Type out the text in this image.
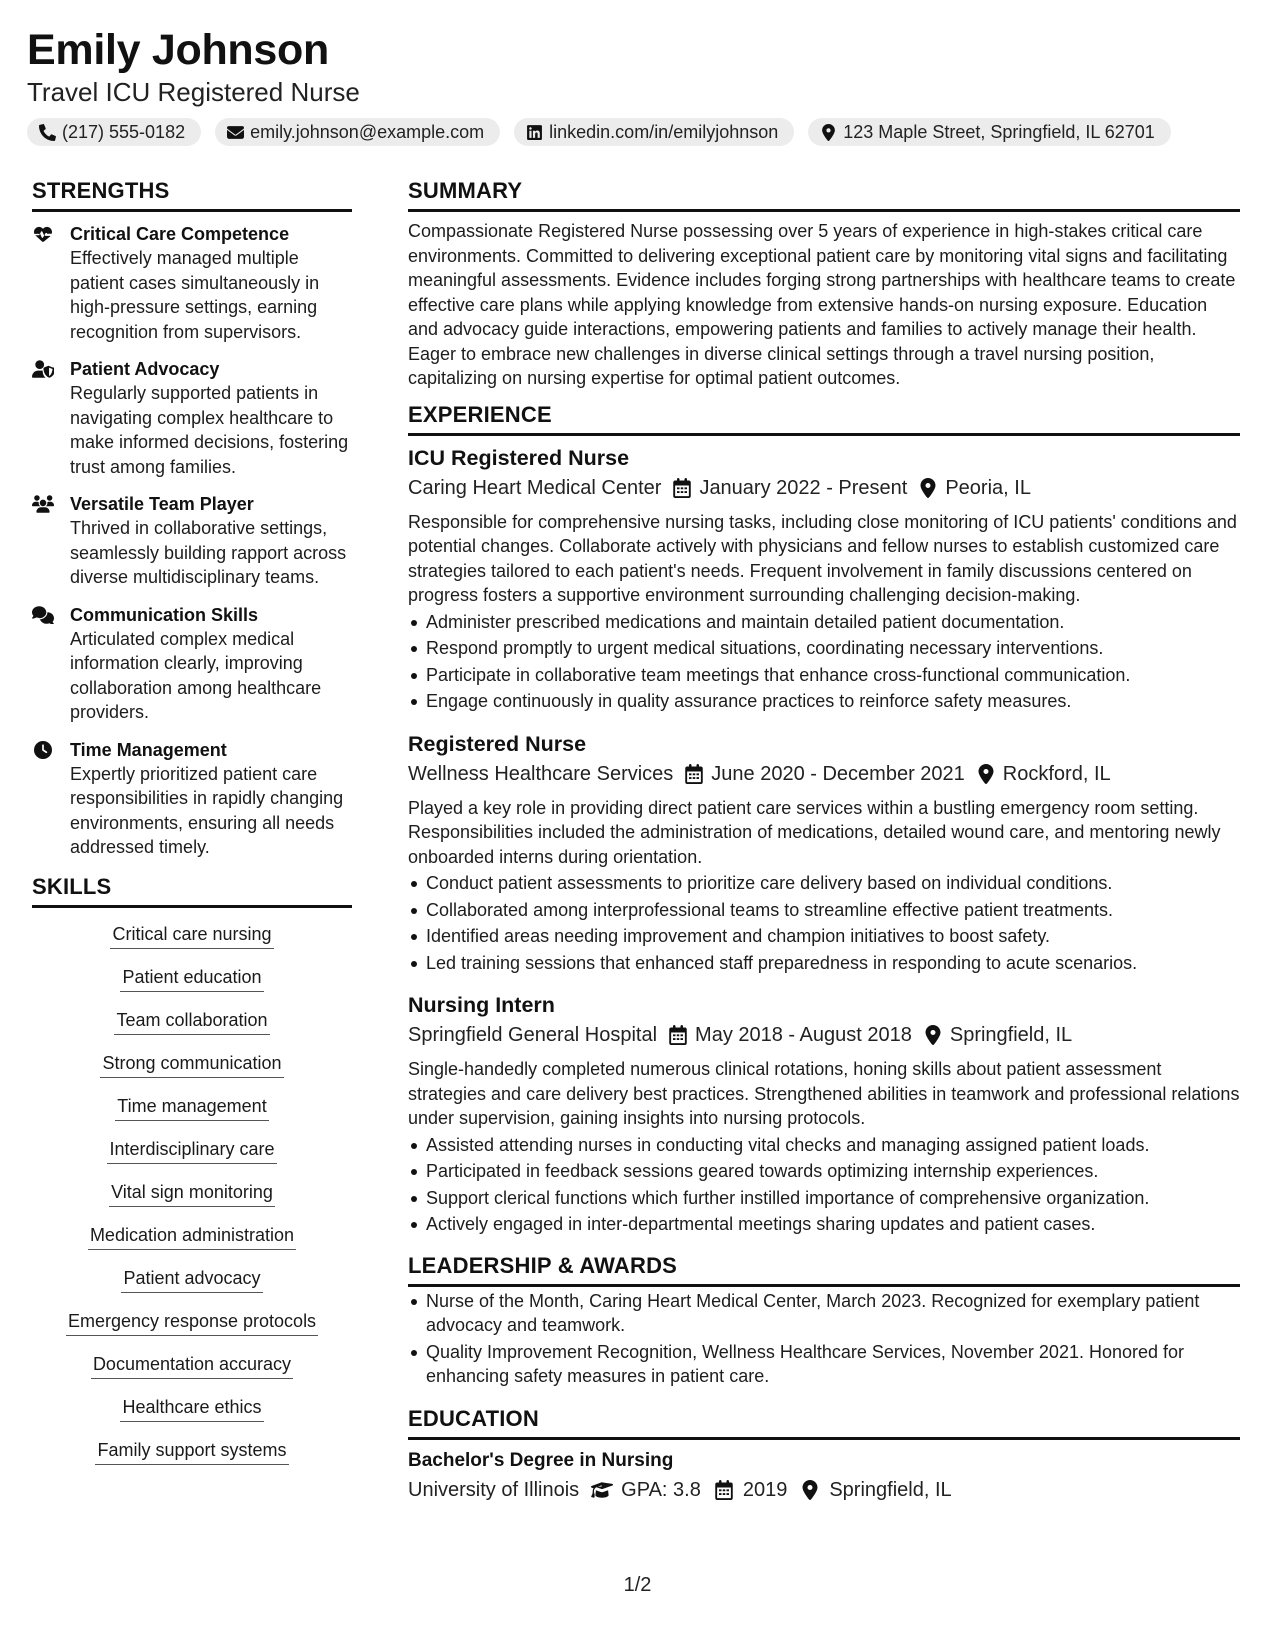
Emily Johnson
Travel ICU Registered Nurse
(217) 555-0182	emily.johnson@example.com	linkedin.com/in/emilyjohnson	123 Maple Street, Springfield, IL 62701
STRENGTHS
Critical Care Competence
Effectively managed multiple patient cases simultaneously in high-pressure settings, earning recognition from supervisors.
Patient Advocacy
Regularly supported patients in navigating complex healthcare to make informed decisions, fostering trust among families.
Versatile Team Player
Thrived in collaborative settings, seamlessly building rapport across diverse multidisciplinary teams.
Communication Skills
Articulated complex medical information clearly, improving collaboration among healthcare providers.
Time Management
Expertly prioritized patient care responsibilities in rapidly changing environments, ensuring all needs addressed timely.
SKILLS
Critical care nursing
Patient education
Team collaboration
Strong communication
Time management
Interdisciplinary care
Vital sign monitoring
Medication administration
Patient advocacy
Emergency response protocols
Documentation accuracy
Healthcare ethics
Family support systems
SUMMARY

Compassionate Registered Nurse possessing over 5 years of experience in high-stakes critical care environments. Committed to delivering exceptional patient care by monitoring vital signs and facilitating meaningful assessments. Evidence includes forging strong partnerships with healthcare teams to create effective care plans while applying knowledge from extensive hands-on nursing exposure. Education and advocacy guide interactions, empowering patients and families to actively manage their health. Eager to embrace new challenges in diverse clinical settings through a travel nursing position, capitalizing on nursing expertise for optimal patient outcomes.

EXPERIENCE
ICU Registered Nurse
Caring Heart Medical Center January 2022 - Present Peoria, IL

Responsible for comprehensive nursing tasks, including close monitoring of ICU patients' conditions and potential changes. Collaborate actively with physicians and fellow nurses to establish customized care strategies tailored to each patient's needs. Frequent involvement in family discussions centered on progress fosters a supportive environment surrounding challenging decision-making.

Administer prescribed medications and maintain detailed patient documentation.
Respond promptly to urgent medical situations, coordinating necessary interventions.
Participate in collaborative team meetings that enhance cross-functional communication.
Engage continuously in quality assurance practices to reinforce safety measures.
Registered Nurse
Wellness Healthcare Services June 2020 - December 2021 Rockford, IL

Played a key role in providing direct patient care services within a bustling emergency room setting. Responsibilities included the administration of medications, detailed wound care, and mentoring newly onboarded interns during orientation.

Conduct patient assessments to prioritize care delivery based on individual conditions.
Collaborated among interprofessional teams to streamline effective patient treatments.
Identified areas needing improvement and champion initiatives to boost safety.
Led training sessions that enhanced staff preparedness in responding to acute scenarios.
Nursing Intern
Springfield General Hospital May 2018 - August 2018 Springfield, IL

Single-handedly completed numerous clinical rotations, honing skills about patient assessment strategies and care delivery best practices. Strengthened abilities in teamwork and professional relations under supervision, gaining insights into nursing protocols.

Assisted attending nurses in conducting vital checks and managing assigned patient loads.
Participated in feedback sessions geared towards optimizing internship experiences.
Support clerical functions which further instilled importance of comprehensive organization.
Actively engaged in inter-departmental meetings sharing updates and patient cases.
LEADERSHIP & AWARDS
Nurse of the Month, Caring Heart Medical Center, March 2023. Recognized for exemplary patient advocacy and teamwork.
Quality Improvement Recognition, Wellness Healthcare Services, November 2021. Honored for enhancing safety measures in patient care.
EDUCATION
Bachelor's Degree in Nursing
University of Illinois GPA: 3.8 2019 Springfield, IL
1/2
